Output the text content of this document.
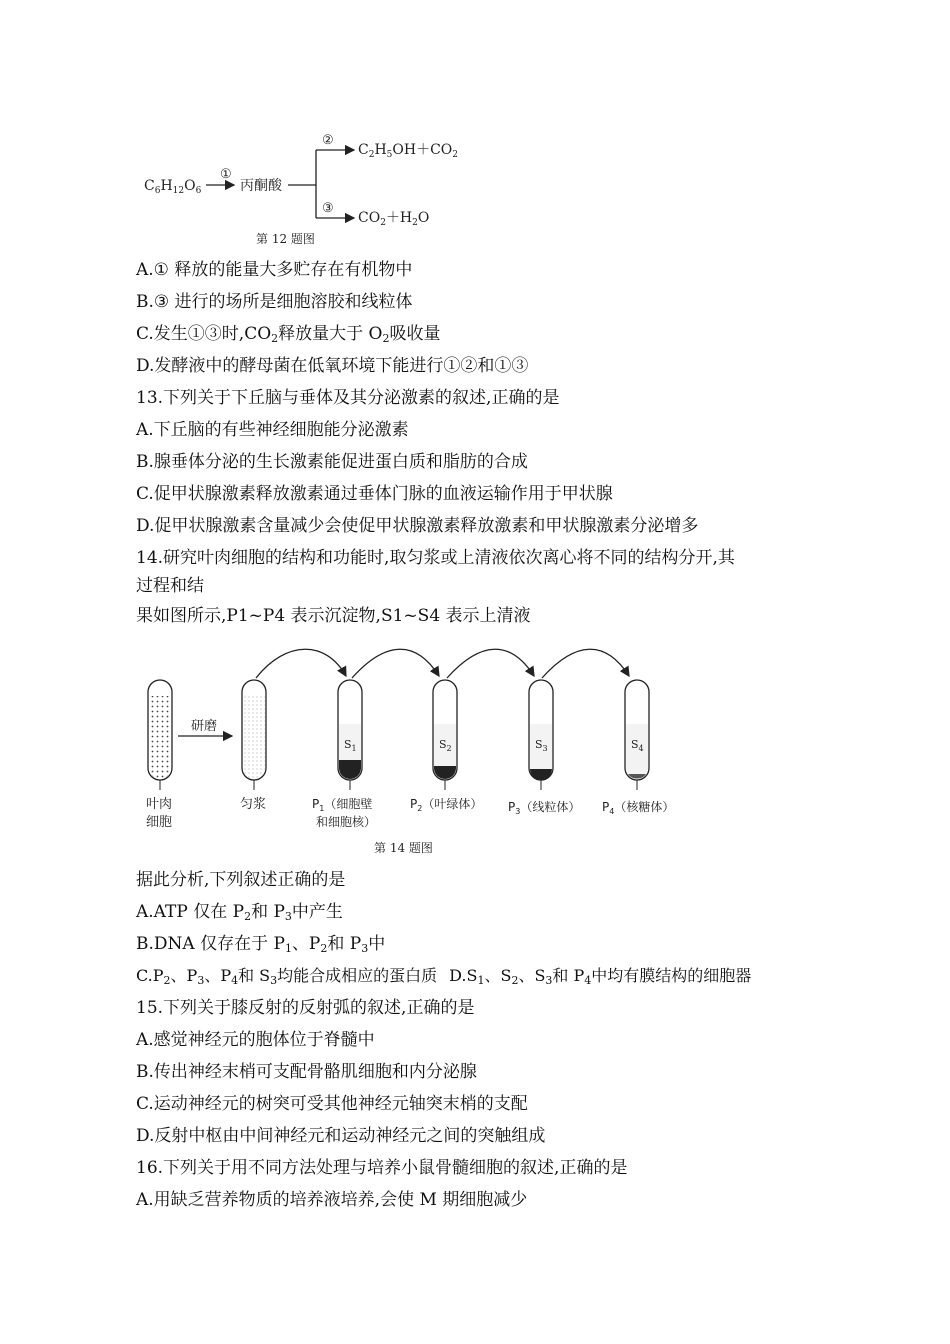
$C_6H_{12}O_6$
①
丙酮酸
②
③
$C_2H_5OH+CO_2$
$CO_2+H_2O$
第 12 题图
A.① 释放的能量大多贮存在有机物中
B.③ 进行的场所是细胞溶胶和线粒体
C.发生①③时$,CO_2$释放量大于 $O_2$吸收量
D.发酵液中的酵母菌在低氧环境下能进行①②和①③
13.下列关于下丘脑与垂体及其分泌激素的叙述,正确的是
A.下丘脑的有些神经细胞能分泌激素
B.腺垂体分泌的生长激素能促进蛋白质和脂肪的合成
C.促甲状腺激素释放激素通过垂体门脉的血液运输作用于甲状腺
D.促甲状腺激素含量减少会使促甲状腺激素释放激素和甲状腺激素分泌增多
14.研究叶肉细胞的结构和功能时,取匀浆或上清液依次离心将不同的结构分开,其
过程和结
果如图所示,P1~P4 表示沉淀物,S1~S4 表示上清液
研磨
$S_1$	$S_2$	$S_3$	$S_4$
叶肉
细胞
匀浆	$P_1$（细胞壁
和细胞核）
$P_2$（叶绿体） $P_3$（线粒体） $P_4$（核糖体）
第 14 题图
据此分析,下列叙述正确的是
A.ATP 仅在 $P_2$和 $P_3$中产生
B.DNA 仅存在于 $P_1$、$P_2$和 $P_3$中
$C.P_2$、$P_3$、$P_4$和 $S_3$均能合成相应的蛋白质 $D.S_1$、$S_2$、$S_3$和 $P_4$中均有膜结构的细胞器
15.下列关于膝反射的反射弧的叙述,正确的是
A.感觉神经元的胞体位于脊髓中
B.传出神经末梢可支配骨骼肌细胞和内分泌腺
C.运动神经元的树突可受其他神经元轴突末梢的支配
D.反射中枢由中间神经元和运动神经元之间的突触组成
16.下列关于用不同方法处理与培养小鼠骨髓细胞的叙述,正确的是
A.用缺乏营养物质的培养液培养,会使 M 期细胞减少
